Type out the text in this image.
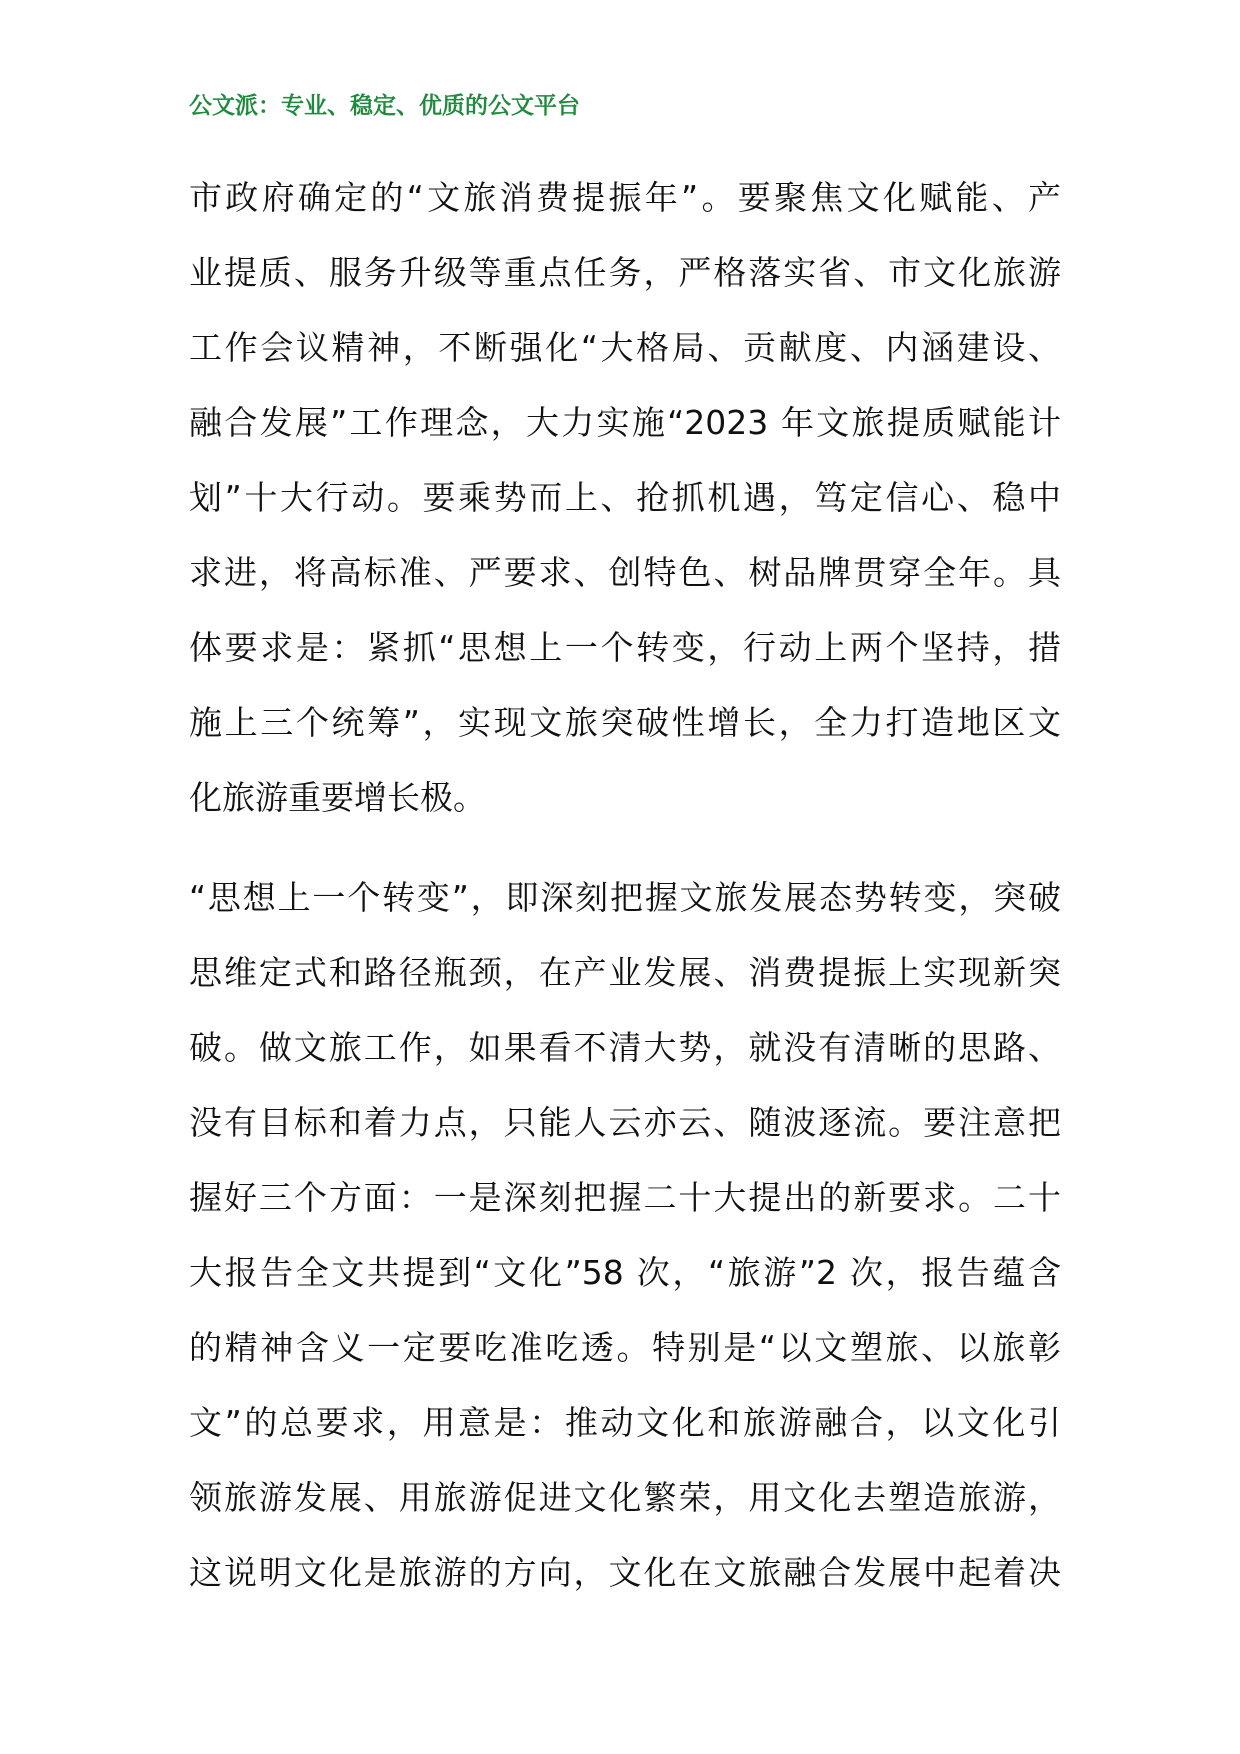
公文派：专业、稳定、优质的公文平台
市政府确定的“文旅消费提振年”。要聚焦文化赋能、产
业提质、服务升级等重点任务，严格落实省、市文化旅游
工作会议精神，不断强化“大格局、贡献度、内涵建设、
融合发展”工作理念，大力实施“2023 年文旅提质赋能计
划”十大行动。要乘势而上、抢抓机遇，笃定信心、稳中
求进，将高标准、严要求、创特色、树品牌贯穿全年。具
体要求是：紧抓“思想上一个转变，行动上两个坚持，措
施上三个统筹”，实现文旅突破性增长，全力打造地区文
化旅游重要增长极。
“思想上一个转变”，即深刻把握文旅发展态势转变，突破
思维定式和路径瓶颈，在产业发展、消费提振上实现新突
破。做文旅工作，如果看不清大势，就没有清晰的思路、
没有目标和着力点，只能人云亦云、随波逐流。要注意把
握好三个方面：一是深刻把握二十大提出的新要求。二十
大报告全文共提到“文化”58 次，“旅游”2 次，报告蕴含
的精神含义一定要吃准吃透。特别是“以文塑旅、以旅彰
文”的总要求，用意是：推动文化和旅游融合，以文化引
领旅游发展、用旅游促进文化繁荣，用文化去塑造旅游，
这说明文化是旅游的方向，文化在文旅融合发展中起着决
